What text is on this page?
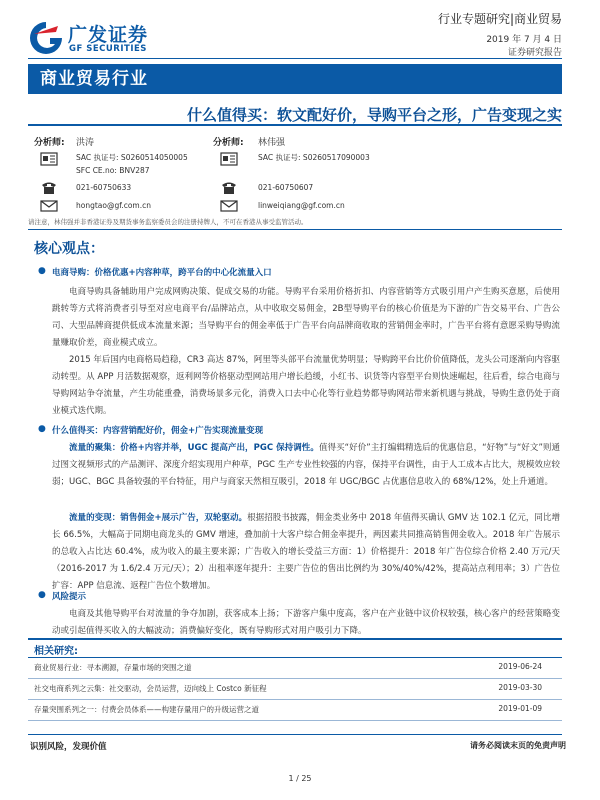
广发证券
GF SECURITIES
行业专题研究|商业贸易
2019 年 7 月 4 日
证券研究报告
商业贸易行业
什么值得买：软文配好价，导购平台之形，广告变现之实
分析师: 洪涛
SAC 执证号: S0260514050005
SFC CE.no: BNV287
021-60750633
hongtao@gf.com.cn
分析师: 林伟强
SAC 执证号: S0260517090003
021-60750607
linweiqiang@gf.com.cn
请注意，林伟强并非香港证券及期货事务监察委员会的注册持牌人，不可在香港从事受监管活动。
核心观点：
● 电商导购：价格优惠+内容种草，跨平台的中心化流量入口
电商导购具备辅助用户完成网购决策、促成交易的功能。导购平台采用价格折扣、内容营销等方式吸引用户产生购买意愿，后使用跳转等方式将消费者引导至对应电商平台/品牌站点，从中收取交易佣金，2B型导购平台的核心价值是为下游的广告交易平台、广告公司、大型品牌商提供低成本流量来源；当导购平台的佣金率低于广告平台向品牌商收取的营销佣金率时，广告平台将有意愿采购导购流量赚取价差，商业模式成立。
2015 年后国内电商格局趋稳，CR3 高达 87%，阿里等头部平台流量优势明显；导购跨平台比价价值降低，龙头公司逐渐向内容驱动转型。从 APP 月活数据观察，返利网等价格驱动型网站用户增长趋缓，小红书、识货等内容型平台则快速崛起，往后看，综合电商与导购网站争夺流量，产生功能重叠，消费场景多元化，消费入口去中心化等行业趋势都导购网站带来新机遇与挑战，导购生意仍处于商业模式迭代期。
● 什么值得买：内容营销配好价，佣金+广告实现流量变现
流量的聚集：价格+内容并举，UGC 提高产出，PGC 保持调性。值得买“好价”主打编辑精选后的优惠信息，“好物”与“好文”则通过图文视频形式的产品测评、深度介绍实现用户种草，PGC 生产专业性较强的内容，保持平台调性，由于人工成本占比大，规模效应较弱；UGC、BGC 具备较强的平台特征，用户与商家天然相互吸引，2018 年 UGC/BGC 占优惠信息收入的 68%/12%，处上升通道。
流量的变现：销售佣金+展示广告，双轮驱动。根据招股书披露，佣金类业务中 2018 年值得买确认 GMV 达 102.1 亿元，同比增长 66.5%，大幅高于同期电商龙头的 GMV 增速，叠加前十大客户综合佣金率提升，两因素共同推高销售佣金收入。2018 年广告展示的总收入占比达 60.4%，成为收入的最主要来源；广告收入的增长受益三方面：1）价格提升：2018 年广告位综合价格 2.40 万元/天（2016-2017 为 1.6/2.4 万元/天）；2）出租率逐年提升：主要广告位的售出比例约为 30%/40%/42%，提高站点利用率；3）广告位扩容：APP 信息流、返程广告位个数增加。
● 风险提示
电商及其他导购平台对流量的争夺加剧，获客成本上扬；下游客户集中度高，客户在产业链中议价权较强，核心客户的经营策略变动或引起值得买收入的大幅波动；消费偏好变化，既有导购形式对用户吸引力下降。
相关研究:
商业贸易行业：寻本溯源，存量市场的突围之道	2019-06-24
社交电商系列之云集：社交驱动，会员运营，迈向线上 Costco 新征程	2019-03-30
存量突围系列之一：付费会员体系——构建存量用户的升级运营之道	2019-01-09
识别风险，发现价值	请务必阅读末页的免责声明
1 / 25
